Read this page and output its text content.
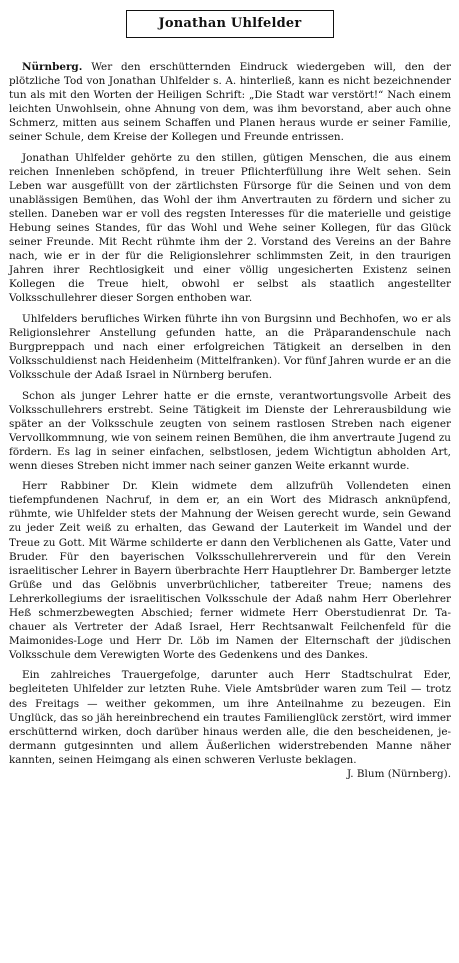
Jonathan Uhlfelder

Nürnberg. Wer den erschütternden Eindruck wiedergeben will, den der plötzliche Tod von Jonathan Uhlfelder s. A. hinterließ, kann es nicht bezeichnender tun als mit den Worten der Heiligen Schrift: „Die Stadt war verstört!“ Nach einem leichten Unwohlsein, ohne Ahnung von dem, was ihm bevorstand, aber auch ohne Schmerz, mitten aus seinem Schaffen und Planen heraus wurde er seiner Familie, seiner Schule, dem Kreise der Kollegen und Freunde entrissen.

Jonathan Uhlfelder gehörte zu den stillen, gütigen Menschen, die aus einem reichen Innenleben schöpfend, in treuer Pflichterfüllung ihre Welt sehen. Sein Leben war ausgefüllt von der zärtlichsten Fürsorge für die Seinen und von dem unablässigen Bemühen, das Wohl der ihm Anvertrauten zu fördern und sicher zu stellen. Daneben war er voll des regsten Interesses für die materielle und geistige Hebung seines Standes, für das Wohl und Wehe seiner Kollegen, für das Glück seiner Freunde. Mit Recht rühmte ihm der 2. Vorstand des Vereins an der Bahre nach, wie er in der für die Religionslehrer schlimmsten Zeit, in den traurigen Jahren ihrer Rechtlosigkeit und einer völlig ungesicherten Existenz seinen Kollegen die Treue hielt, obwohl er selbst als staatlich angestellter Volksschullehrer dieser Sorgen enthoben war.

Uhlfelders berufliches Wirken führte ihn von Burgsinn und Bechhofen, wo er als Religionslehrer Anstellung gefunden hatte, an die Präparandenschule nach Burgpreppach und nach einer erfolgreichen Tätigkeit an derselben in den Volksschuldienst nach Heidenheim (Mittelfranken). Vor fünf Jahren wurde er an die Volksschule der Adaß Israel in Nürnberg berufen.

Schon als junger Lehrer hatte er die ernste, verantwortungsvolle Arbeit des Volksschullehrers erstrebt. Seine Tätigkeit im Dienste der Lehrerausbildung wie später an der Volksschule zeugten von seinem rastlosen Streben nach eigener Vervollkommnung, wie von seinem reinen Bemühen, die ihm anvertraute Jugend zu fördern. Es lag in seiner einfachen, selbstlosen, jedem Wichtigtun abholden Art, wenn dieses Streben nicht immer nach seiner ganzen Weite erkannt wurde.

Herr Rabbiner Dr. Klein widmete dem allzufrüh Vollendeten einen tiefempfundenen Nachruf, in dem er, an ein Wort des Midrasch anknüpfend, rühmte, wie Uhlfelder stets der Mahnung der Weisen gerecht wurde, sein Gewand zu jeder Zeit weiß zu erhalten, das Gewand der Lauterkeit im Wandel und der Treue zu Gott. Mit Wärme schilderte er dann den Verblichenen als Gatte, Vater und Bruder. Für den bayerischen Volksschullehrerverein und für den Verein israelitischer Lehrer in Bayern überbrachte Herr Hauptlehrer Dr. Bamberger letzte Grüße und das Gelöbnis unverbrüchlicher, tatbereiter Treue; namens des Lehrerkollegiums der israelitischen Volksschule der Adaß nahm Herr Oberlehrer Heß schmerzbewegten Abschied; ferner widmete Herr Oberstudienrat Dr. Tachauer als Vertreter der Adaß Israel, Herr Rechtsanwalt Feilchenfeld für die Maimonides-Loge und Herr Dr. Löb im Namen der Elternschaft der jüdischen Volksschule dem Verewigten Worte des Gedenkens und des Dankes.

Ein zahlreiches Trauergefolge, darunter auch Herr Stadtschulrat Eder, begleiteten Uhlfelder zur letzten Ruhe. Viele Amtsbrüder waren zum Teil — trotz des Freitags — weither gekommen, um ihre Anteilnahme zu bezeugen. Ein Unglück, das so jäh hereinbrechend ein trautes Familienglück zerstört, wird immer erschütternd wirken, doch darüber hinaus werden alle, die den bescheidenen, jedermann gutgesinnten und allem Äußerlichen widerstrebenden Manne näher kannten, seinen Heimgang als einen schweren Verluste beklagen.
J. Blum (Nürnberg).
